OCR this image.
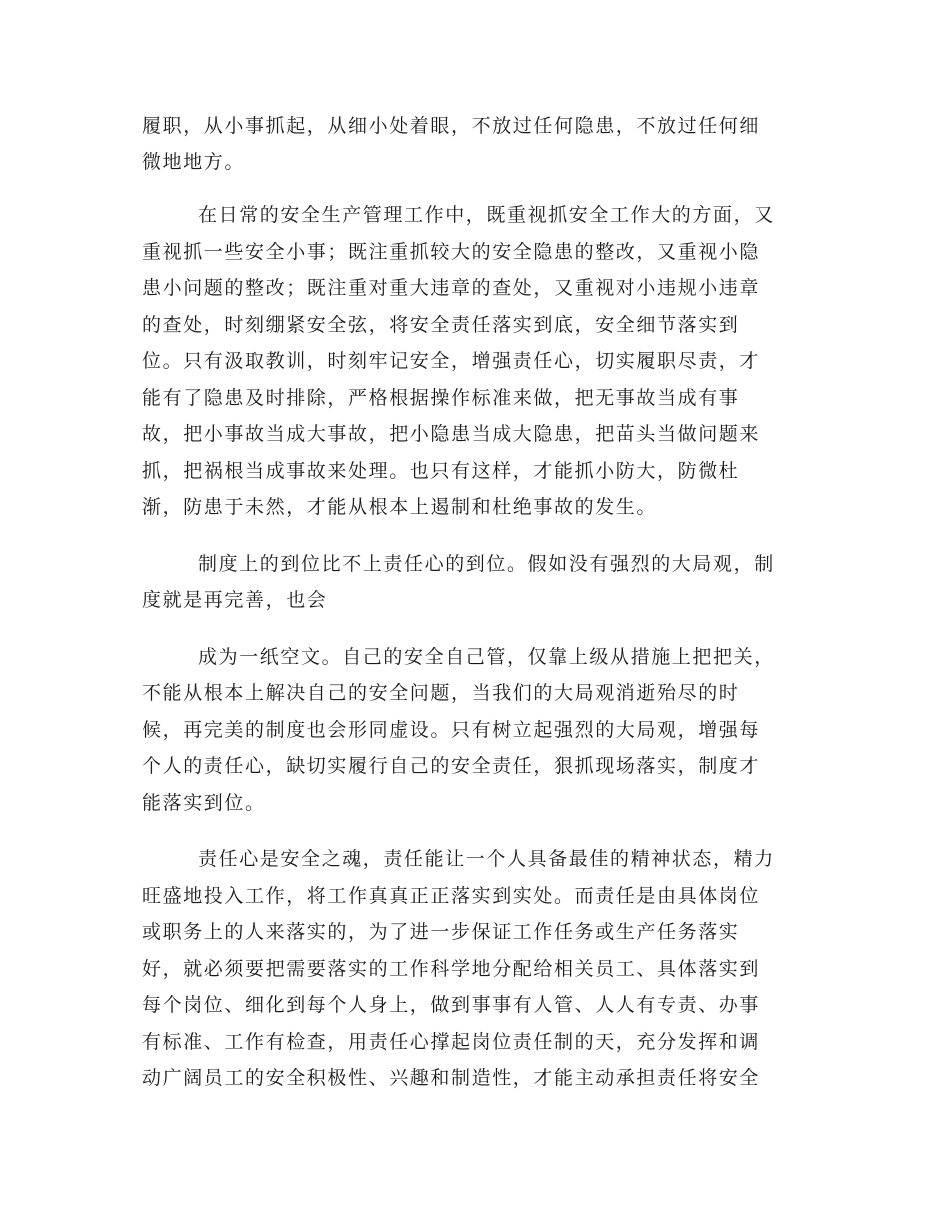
履职，从小事抓起，从细小处着眼，不放过任何隐患，不放过任何细
微地地方。
在日常的安全生产管理工作中，既重视抓安全工作大的方面，又
重视抓一些安全小事；既注重抓较大的安全隐患的整改，又重视小隐
患小问题的整改；既注重对重大违章的查处，又重视对小违规小违章
的查处，时刻绷紧安全弦，将安全责任落实到底，安全细节落实到
位。只有汲取教训，时刻牢记安全，增强责任心，切实履职尽责，才
能有了隐患及时排除，严格根据操作标准来做，把无事故当成有事
故，把小事故当成大事故，把小隐患当成大隐患，把苗头当做问题来
抓，把祸根当成事故来处理。也只有这样，才能抓小防大，防微杜
渐，防患于未然，才能从根本上遏制和杜绝事故的发生。
制度上的到位比不上责任心的到位。假如没有强烈的大局观，制
度就是再完善，也会
成为一纸空文。自己的安全自己管，仅靠上级从措施上把把关，
不能从根本上解决自己的安全问题，当我们的大局观消逝殆尽的时
候，再完美的制度也会形同虚设。只有树立起强烈的大局观，增强每
个人的责任心，缺切实履行自己的安全责任，狠抓现场落实，制度才
能落实到位。
责任心是安全之魂，责任能让一个人具备最佳的精神状态，精力
旺盛地投入工作，将工作真真正正落实到实处。而责任是由具体岗位
或职务上的人来落实的，为了进一步保证工作任务或生产任务落实
好，就必须要把需要落实的工作科学地分配给相关员工、具体落实到
每个岗位、细化到每个人身上，做到事事有人管、人人有专责、办事
有标准、工作有检查，用责任心撑起岗位责任制的天，充分发挥和调
动广阔员工的安全积极性、兴趣和制造性，才能主动承担责任将安全
